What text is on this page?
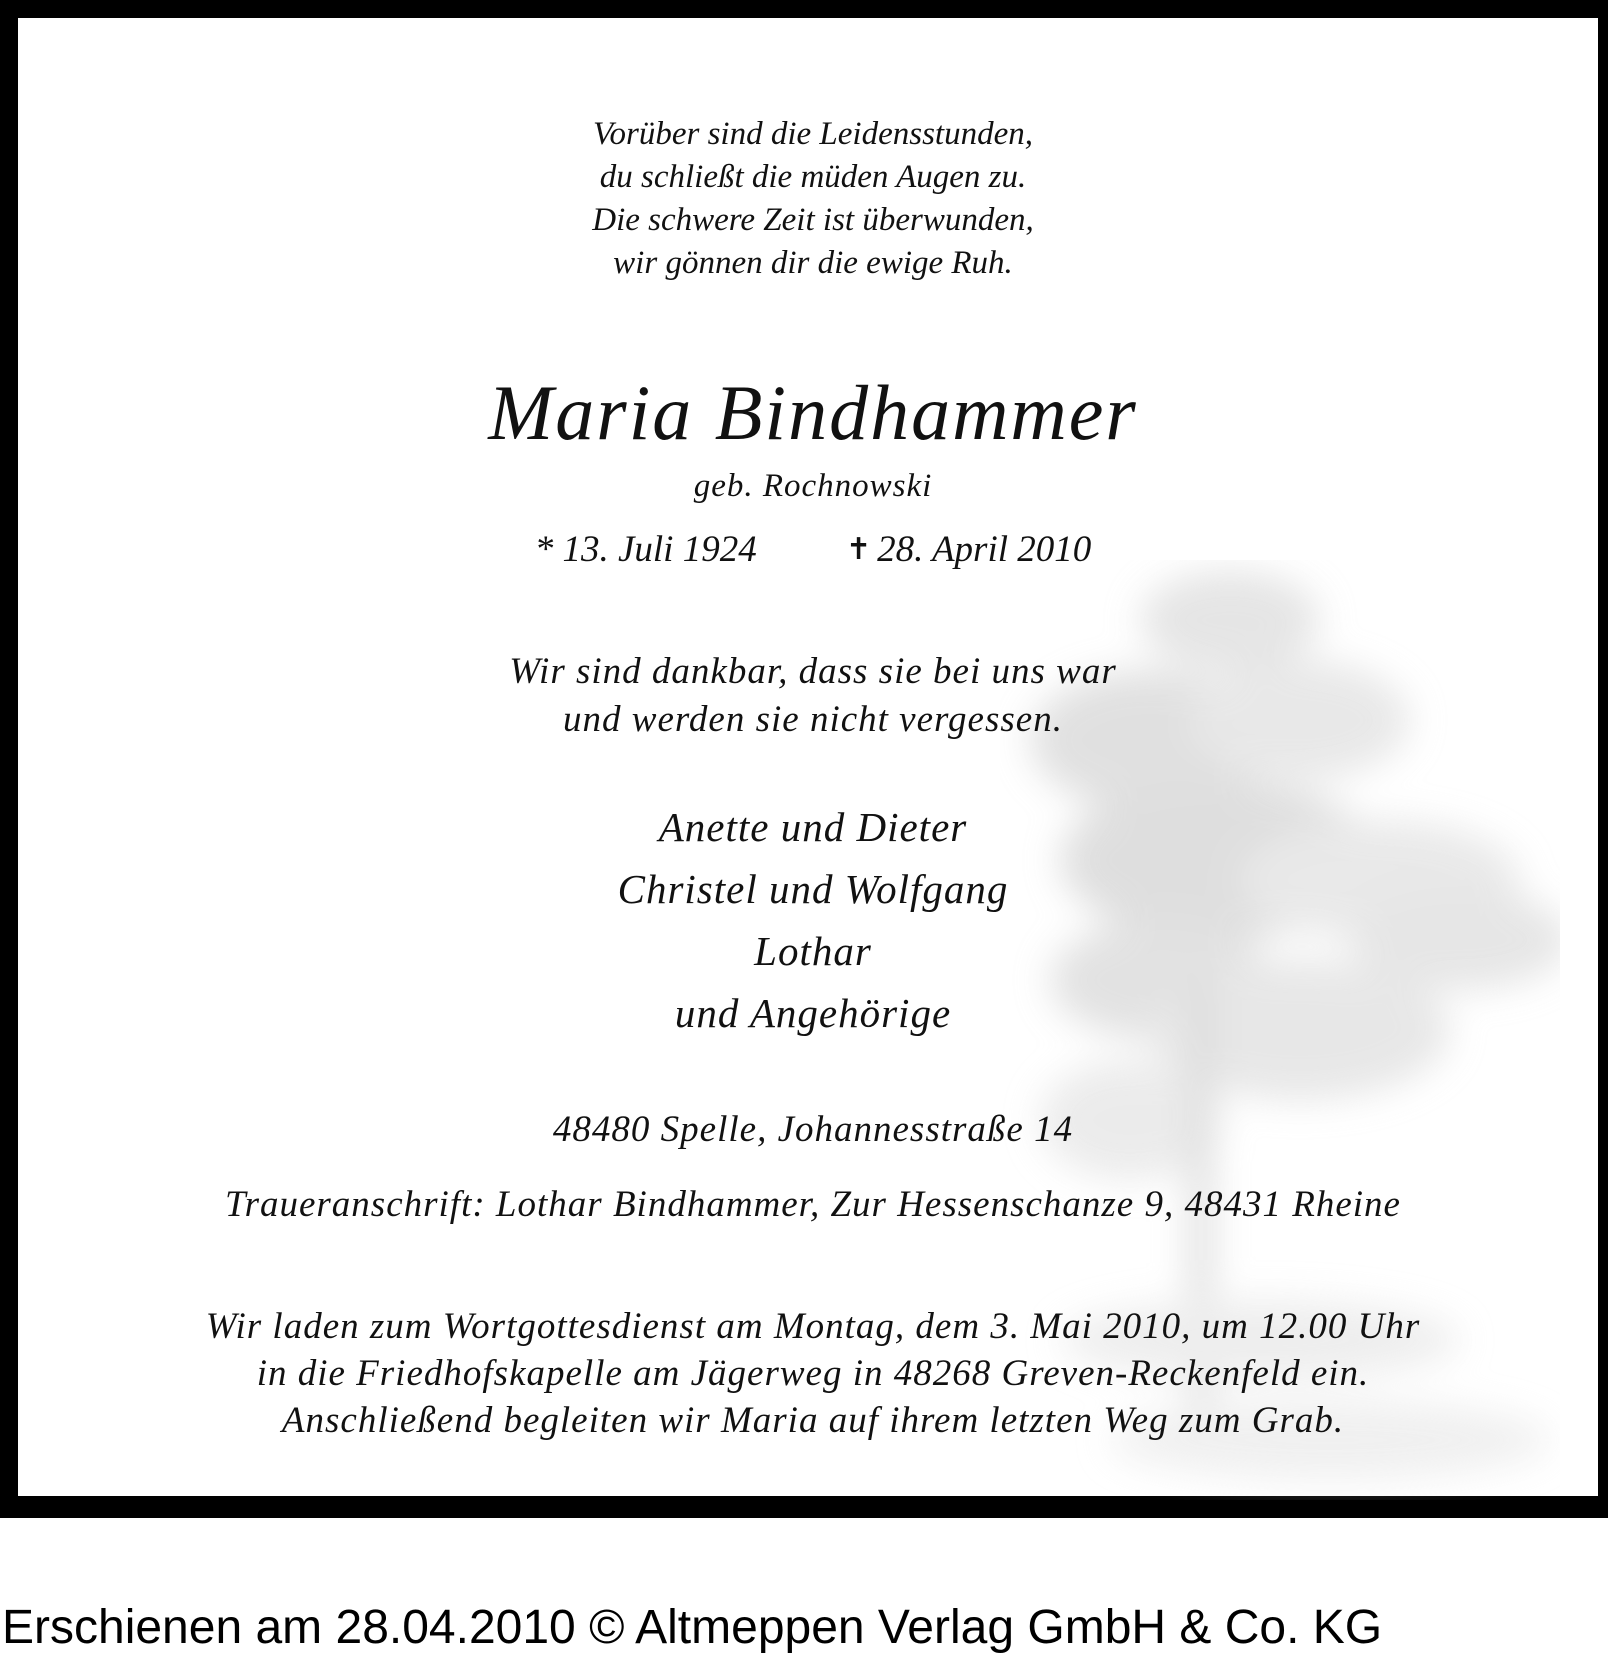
Vorüber sind die Leidensstunden,
du schließt die müden Augen zu.
Die schwere Zeit ist überwunden,
wir gönnen dir die ewige Ruh.
Maria Bindhammer
geb. Rochnowski
* 13. Juli 1924	✝ 28. April 2010
Wir sind dankbar, dass sie bei uns war
und werden sie nicht vergessen.
Anette und Dieter
Christel und Wolfgang
Lothar
und Angehörige
48480 Spelle, Johannesstraße 14
Traueranschrift: Lothar Bindhammer, Zur Hessenschanze 9, 48431 Rheine
Wir laden zum Wortgottesdienst am Montag, dem 3. Mai 2010, um 12.00 Uhr
in die Friedhofskapelle am Jägerweg in 48268 Greven-Reckenfeld ein.
Anschließend begleiten wir Maria auf ihrem letzten Weg zum Grab.
Erschienen am 28.04.2010 © Altmeppen Verlag GmbH & Co. KG
